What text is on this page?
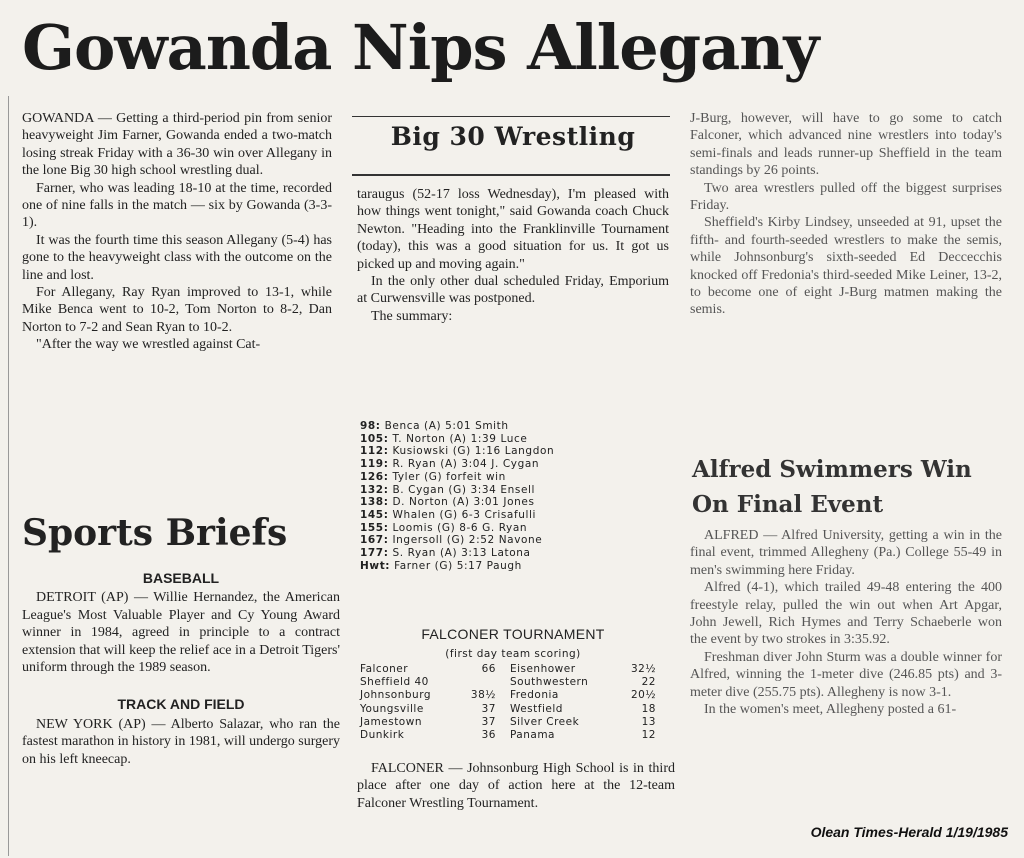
Gowanda Nips Allegany

GOWANDA — Getting a third-period pin from senior heavyweight Jim Farner, Gowanda ended a two-match losing streak Friday with a 36-30 win over Allegany in the lone Big 30 high school wrestling dual.

Farner, who was leading 18-10 at the time, recorded one of nine falls in the match — six by Gowanda (3-3-1).

It was the fourth time this season Allegany (5-4) has gone to the heavyweight class with the outcome on the line and lost.

For Allegany, Ray Ryan improved to 13-1, while Mike Benca went to 10-2, Tom Norton to 8-2, Dan Norton to 7-2 and Sean Ryan to 10-2.

"After the way we wrestled against Cat-

Big 30 Wrestling

taraugus (52-17 loss Wednesday), I'm pleased with how things went tonight," said Gowanda coach Chuck Newton. "Heading into the Franklinville Tournament (today), this was a good situation for us. It got us picked up and moving again."

In the only other dual scheduled Friday, Emporium at Curwensville was postponed.

The summary:

98: Benca (A) 5:01 Smith
105: T. Norton (A) 1:39 Luce
112: Kusiowski (G) 1:16 Langdon
119: R. Ryan (A) 3:04 J. Cygan
126: Tyler (G) forfeit win
132: B. Cygan (G) 3:34 Ensell
138: D. Norton (A) 3:01 Jones
145: Whalen (G) 6-3 Crisafulli
155: Loomis (G) 8-6 G. Ryan
167: Ingersoll (G) 2:52 Navone
177: S. Ryan (A) 3:13 Latona
Hwt: Farner (G) 5:17 Paugh
FALCONER TOURNAMENT
(first day team scoring)
Falconer	66	Eisenhower	32½
Sheffield 40		Southwestern	22
Johnsonburg	38½	Fredonia	20½
Youngsville	37	Westfield	18
Jamestown	37	Silver Creek	13
Dunkirk	36	Panama	12

FALCONER — Johnsonburg High School is in third place after one day of action here at the 12-team Falconer Wrestling Tournament.

J-Burg, however, will have to go some to catch Falconer, which advanced nine wrestlers into today's semi-finals and leads runner-up Sheffield in the team standings by 26 points.

Two area wrestlers pulled off the biggest surprises Friday.

Sheffield's Kirby Lindsey, unseeded at 91, upset the fifth- and fourth-seeded wrestlers to make the semis, while Johnsonburg's sixth-seeded Ed Deccecchis knocked off Fredonia's third-seeded Mike Leiner, 13-2, to become one of eight J-Burg matmen making the semis.

Sports Briefs
BASEBALL

DETROIT (AP) — Willie Hernandez, the American League's Most Valuable Player and Cy Young Award winner in 1984, agreed in principle to a contract extension that will keep the relief ace in a Detroit Tigers' uniform through the 1989 season.

TRACK AND FIELD

NEW YORK (AP) — Alberto Salazar, who ran the fastest marathon in history in 1981, will undergo surgery on his left kneecap.

Alfred Swimmers Win On Final Event

ALFRED — Alfred University, getting a win in the final event, trimmed Allegheny (Pa.) College 55-49 in men's swimming here Friday.

Alfred (4-1), which trailed 49-48 entering the 400 freestyle relay, pulled the win out when Art Apgar, John Jewell, Rich Hymes and Terry Schaeberle won the event by two strokes in 3:35.92.

Freshman diver John Sturm was a double winner for Alfred, winning the 1-meter dive (246.85 pts) and 3-meter dive (255.75 pts). Allegheny is now 3-1.

In the women's meet, Allegheny posted a 61-

Olean Times-Herald 1/19/1985
